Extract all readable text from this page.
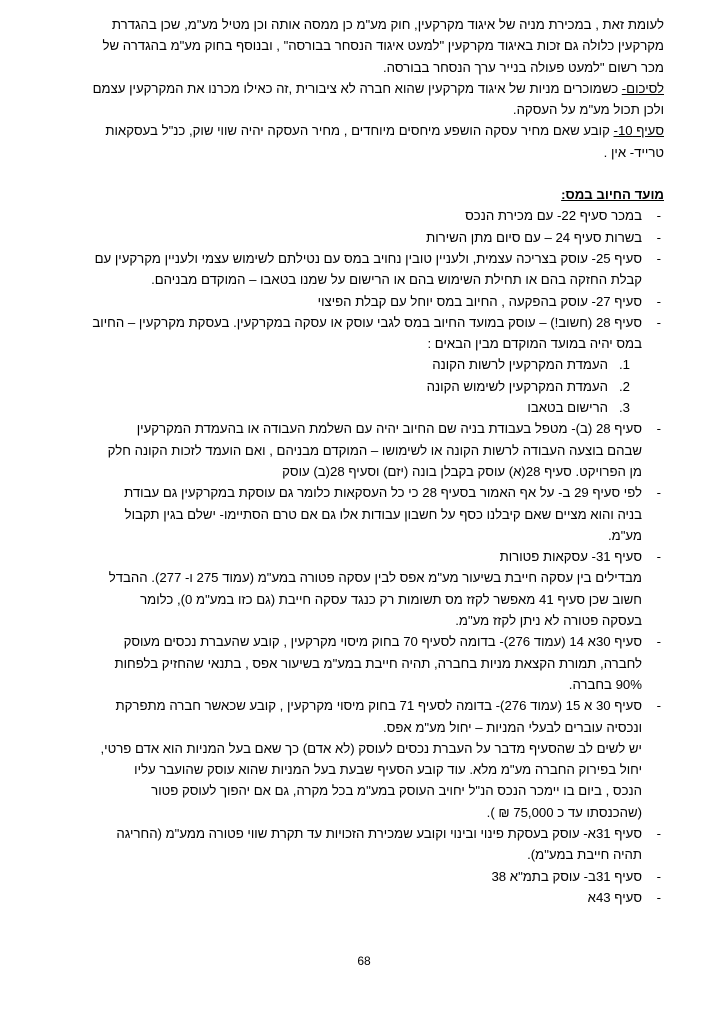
לעומת זאת , במכירת מניה של איגוד מקרקעין, חוק מע"מ כן ממסה אותה וכן מטיל מע"מ, שכן בהגדרת

מקרקעין כלולה גם זכות באיגוד מקרקעין "למעט איגוד הנסחר בבורסה" , ובנוסף בחוק מע"מ בהגדרה של

מכר רשום "למעט פעולה בנייר ערך הנסחר בבורסה.

לסיכום- כשמוכרים מניות של איגוד מקרקעין שהוא חברה לא ציבורית ,זה כאילו מכרנו את המקרקעין עצמם

ולכן תכול מע"מ על העסקה.

סעיף 10- קובע שאם מחיר עסקה הושפע מיחסים מיוחדים , מחיר העסקה יהיה שווי שוק, כנ"ל בעסקאות

טרייד- אין .

מועד החיוב במס:

- במכר סעיף 22- עם מכירת הנכס
- בשרות סעיף 24 – עם סיום מתן השירות
- סעיף 25- עוסק בצריכה עצמית, ולעניין טובין נחויב במס עם נטילתם לשימוש עצמי ולעניין מקרקעין עם
קבלת החזקה בהם או תחילת השימוש בהם או הרישום על שמנו בטאבו – המוקדם מבניהם.
- סעיף 27- עוסק בהפקעה , החיוב במס יוחל עם קבלת הפיצוי
- סעיף 28 (חשוב!) – עוסק במועד החיוב במס לגבי עוסק או עסקה במקרקעין. בעסקת מקרקעין – החיוב
במס יהיה במועד המוקדם מבין הבאים :
1.
העמדת המקרקעין לרשות הקונה
2.
העמדת המקרקעין לשימוש הקונה
3.
הרישום בטאבו
- סעיף 28 (ב)- מטפל בעבודת בניה שם החיוב יהיה עם השלמת העבודה או בהעמדת המקרקעין
שבהם בוצעה העבודה לרשות הקונה או לשימושו – המוקדם מבניהם , ואם הועמד לזכות הקונה חלק
מן הפרויקט. סעיף 28(א) עוסק בקבלן בונה (יזם) וסעיף 28(ב) עוסק
- לפי סעיף 29 ב- על אף האמור בסעיף 28 כי כל העסקאות כלומר גם עוסקת במקרקעין גם עבודת
בניה והוא מציים שאם קיבלנו כסף על חשבון עבודות אלו גם אם טרם הסתיימו- ישלם בגין תקבול
מע"מ.
- סעיף 31- עסקאות פטורות
מבדילים בין עסקה חייבת בשיעור מע"מ אפס לבין עסקה פטורה במע"מ (עמוד 275 ו- 277). ההבדל
חשוב שכן סעיף 41 מאפשר לקזז מס תשומות רק כנגד עסקה חייבת (גם כזו במע"מ 0), כלומר
בעסקה פטורה לא ניתן לקזז מע"מ.
- סעיף 30א 14 (עמוד 276)- בדומה לסעיף 70 בחוק מיסוי מקרקעין , קובע שהעברת נכסים מעוסק
לחברה, תמורת הקצאת מניות בחברה, תהיה חייבת במע"מ בשיעור אפס , בתנאי שהחזיק בלפחות
90% בחברה.
- סעיף 30 א 15 (עמוד 276)- בדומה לסעיף 71 בחוק מיסוי מקרקעין , קובע שכאשר חברה מתפרקת
ונכסיה עוברים לבעלי המניות – יחול מע"מ אפס.
יש לשים לב שהסעיף מדבר על העברת נכסים לעוסק (לא אדם) כך שאם בעל המניות הוא אדם פרטי,
יחול בפירוק החברה מע"מ מלא. עוד קובע הסעיף שבעת בעל המניות שהוא עוסק שהועבר עליו
הנכס , ביום בו יימכר הנכס הנ"ל יחויב העוסק במע"מ בכל מקרה, גם אם יהפוך לעוסק פטור
(שהכנסתו עד כ 75,000 ₪ ).
- סעיף 31א- עוסק בעסקת פינוי ובינוי וקובע שמכירת הזכויות עד תקרת שווי פטורה ממע"מ (החריגה
תהיה חייבת במע"מ).
- סעיף 31ב- עוסק בתמ"א 38
- סעיף 43א
68
